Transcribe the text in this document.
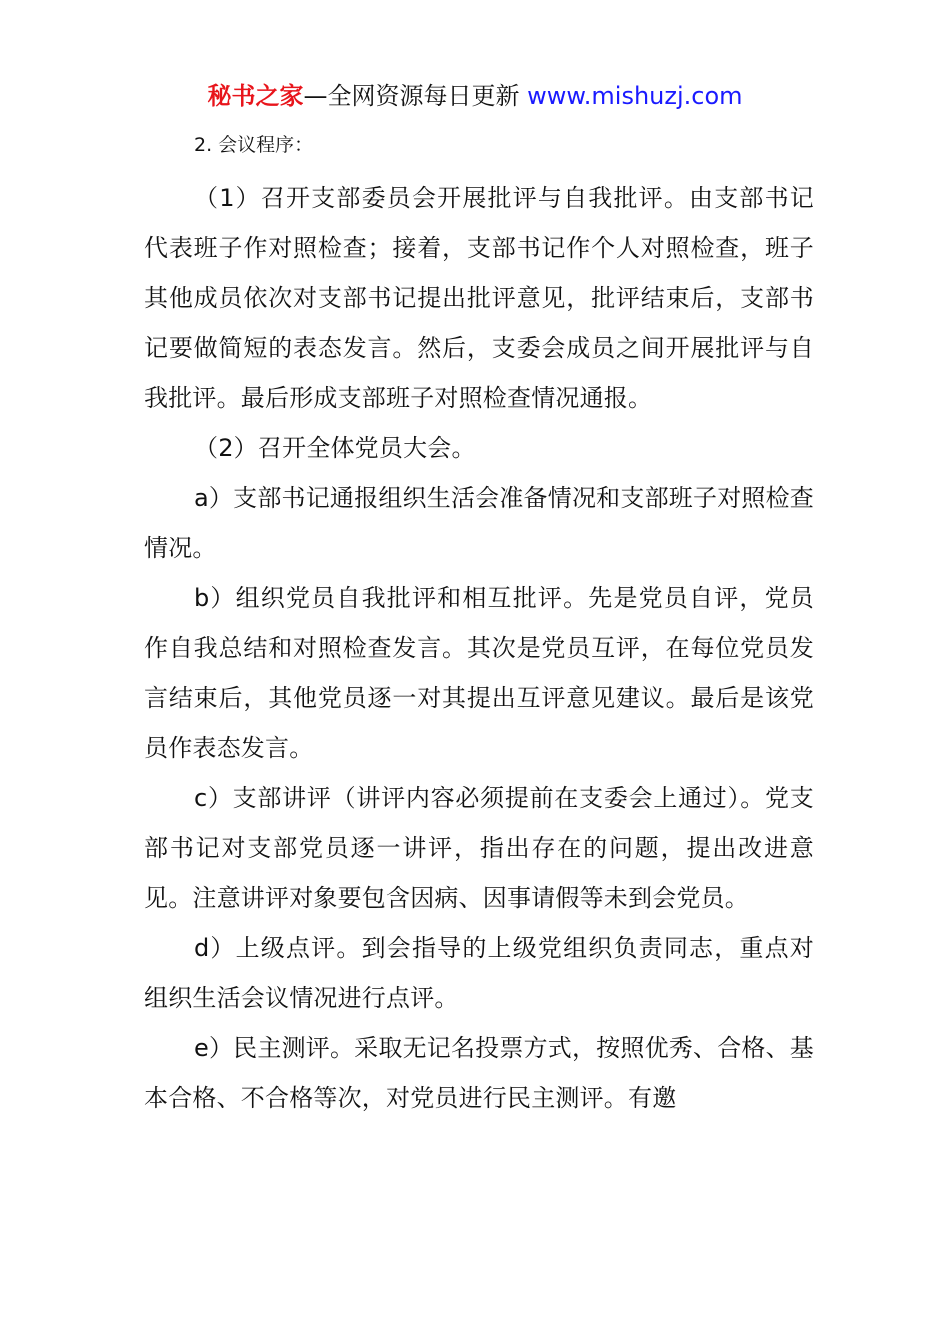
秘书之家—全网资源每日更新 www.mishuzj.com
2. 会议程序：

（1）召开支部委员会开展批评与自我批评。由支部书记代表班子作对照检查；接着，支部书记作个人对照检查，班子其他成员依次对支部书记提出批评意见，批评结束后，支部书记要做简短的表态发言。然后，支委会成员之间开展批评与自我批评。最后形成支部班子对照检查情况通报。

（2）召开全体党员大会。

a）支部书记通报组织生活会准备情况和支部班子对照检查情况。

b）组织党员自我批评和相互批评。先是党员自评，党员作自我总结和对照检查发言。其次是党员互评，在每位党员发言结束后，其他党员逐一对其提出互评意见建议。最后是该党员作表态发言。

c）支部讲评（讲评内容必须提前在支委会上通过）。党支部书记对支部党员逐一讲评，指出存在的问题，提出改进意见。注意讲评对象要包含因病、因事请假等未到会党员。

d）上级点评。到会指导的上级党组织负责同志，重点对组织生活会议情况进行点评。

e）民主测评。采取无记名投票方式，按照优秀、合格、基本合格、不合格等次，对党员进行民主测评。有邀
